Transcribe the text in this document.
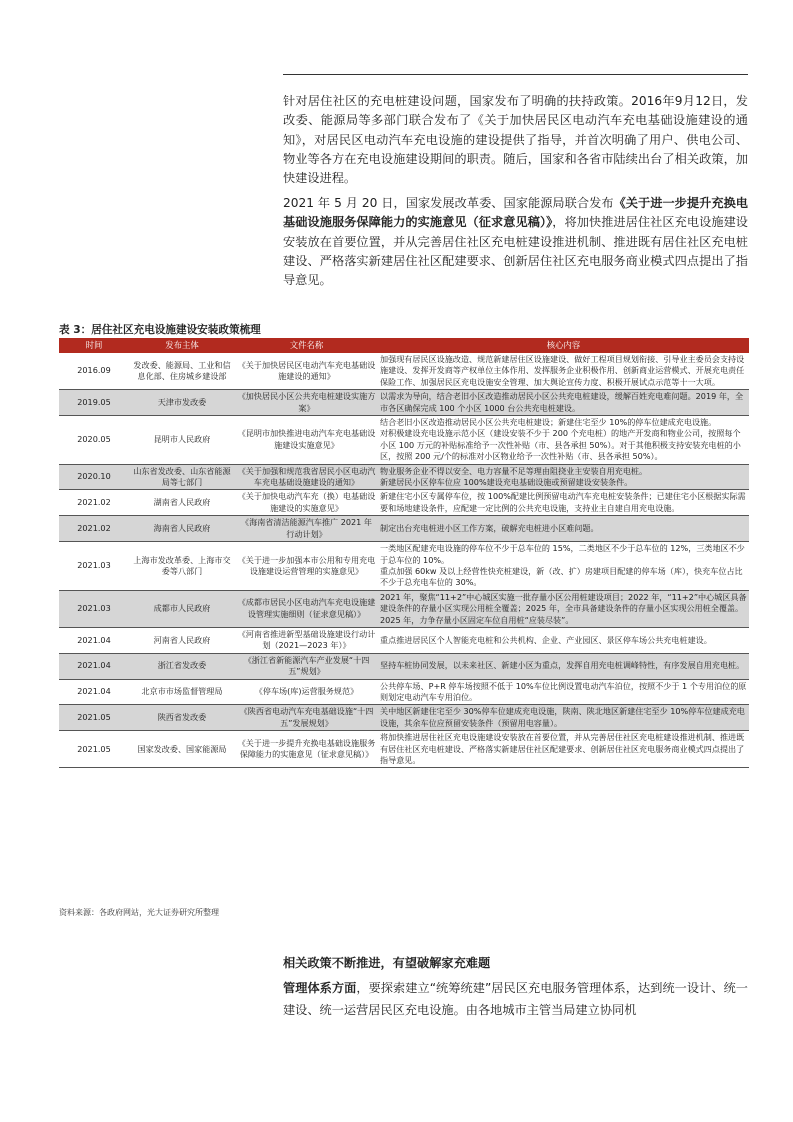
针对居住社区的充电桩建设问题，国家发布了明确的扶持政策。2016年9月12日，发改委、能源局等多部门联合发布了《关于加快居民区电动汽车充电基础设施建设的通知》，对居民区电动汽车充电设施的建设提供了指导，并首次明确了用户、供电公司、物业等各方在充电设施建设期间的职责。随后，国家和各省市陆续出台了相关政策，加快建设进程。

2021 年 5 月 20 日，国家发展改革委、国家能源局联合发布《关于进一步提升充换电基础设施服务保障能力的实施意见（征求意见稿）》，将加快推进居住社区充电设施建设安装放在首要位置，并从完善居住社区充电桩建设推进机制、推进既有居住社区充电桩建设、严格落实新建居住社区配建要求、创新居住社区充电服务商业模式四点提出了指导意见。

表 3：居住社区充电设施建设安装政策梳理
时间	发布主体	文件名称	核心内容
2016.09	发改委、能源局、工业和信息化部、住房城乡建设部	《关于加快居民区电动汽车充电基础设施建设的通知》	加强现有居民区设施改造、规范新建居住区设施建设、做好工程项目规划衔接、引导业主委员会支持设施建设、发挥开发商等产权单位主体作用、发挥服务企业积极作用、创新商业运营模式、开展充电责任保险工作、加强居民区充电设施安全管理、加大舆论宣传力度、积极开展试点示范等十一大项。
2019.05	天津市发改委	《加快居民小区公共充电桩建设实施方案》	以需求为导向，结合老旧小区改造推动居民小区公共充电桩建设，缓解百姓充电难问题。2019 年，全市各区确保完成 100 个小区 1000 台公共充电桩建设。
2020.05	昆明市人民政府	《昆明市加快推进电动汽车充电基础设施建设实施意见》	结合老旧小区改造推动居民小区公共充电桩建设；新建住宅至少 10%的停车位建成充电设施。
对积极建设充电设施示范小区（建设安装不少于 200 个充电桩）的地产开发商和物业公司，按照每个小区 100 万元的补贴标准给予一次性补贴（市、县各承担 50%）。对于其他积极支持安装充电桩的小区，按照 200 元/个的标准对小区物业给予一次性补贴（市、县各承担 50%）。
2020.10	山东省发改委、山东省能源局等七部门	《关于加强和规范我省居民小区电动汽车充电基础设施建设的通知》	物业服务企业不得以安全、电力容量不足等理由阻挠业主安装自用充电桩。
新建居民小区停车位应 100%建设充电基础设施或预留建设安装条件。
2021.02	湖南省人民政府	《关于加快电动汽车充（换）电基础设施建设的实施意见》	新建住宅小区专属停车位，按 100%配建比例预留电动汽车充电桩安装条件；已建住宅小区根据实际需要和场地建设条件，应配建一定比例的公共充电设施，支持业主自建自用充电设施。
2021.02	海南省人民政府	《海南省清洁能源汽车推广 2021 年行动计划》	制定出台充电桩进小区工作方案，破解充电桩进小区难问题。
2021.03	上海市发改革委、上海市交委等八部门	《关于进一步加强本市公用和专用充电设施建设运营管理的实施意见》	一类地区配建充电设施的停车位不少于总车位的 15%，二类地区不少于总车位的 12%，三类地区不少于总车位的 10%。
重点加强 60kw 及以上经营性快充桩建设，新（改、扩）房建项目配建的停车场（库），快充车位占比不少于总充电车位的 30%。
2021.03	成都市人民政府	《成都市居民小区电动汽车充电设施建设管理实施细则（征求意见稿）》	2021 年，聚焦“11+2”中心城区实施一批存量小区公用桩建设项目；2022 年，“11+2”中心城区具备建设条件的存量小区实现公用桩全覆盖；2025 年，全市具备建设条件的存量小区实现公用桩全覆盖。2025 年，力争存量小区固定车位自用桩“应装尽装”。
2021.04	河南省人民政府	《河南省推进新型基础设施建设行动计划（2021—2023 年）》	重点推进居民区个人智能充电桩和公共机构、企业、产业园区、景区停车场公共充电桩建设。
2021.04	浙江省发改委	《浙江省新能源汽车产业发展“十四五”规划》	坚持车桩协同发展，以未来社区、新建小区为重点，发挥自用充电桩调峰特性，有序发展自用充电桩。
2021.04	北京市市场监督管理局	《停车场(库)运营服务规范》	公共停车场、P+R 停车场按照不低于 10%车位比例设置电动汽车泊位，按照不少于 1 个专用泊位的原则划定电动汽车专用泊位。
2021.05	陕西省发改委	《陕西省电动汽车充电基础设施“十四五”发展规划》	关中地区新建住宅至少 30%停车位建成充电设施，陕南、陕北地区新建住宅至少 10%停车位建成充电设施，其余车位应预留安装条件（预留用电容量）。
2021.05	国家发改委、国家能源局	《关于进一步提升充换电基础设施服务保障能力的实施意见（征求意见稿）》	将加快推进居住社区充电设施建设安装放在首要位置，并从完善居住社区充电桩建设推进机制、推进既有居住社区充电桩建设、严格落实新建居住社区配建要求、创新居住社区充电服务商业模式四点提出了指导意见。
资料来源：各政府网站，光大证券研究所整理
相关政策不断推进，有望破解家充难题

管理体系方面，要探索建立“统筹统建”居民区充电服务管理体系，达到统一设计、统一建设、统一运营居民区充电设施。由各地城市主管当局建立协同机
